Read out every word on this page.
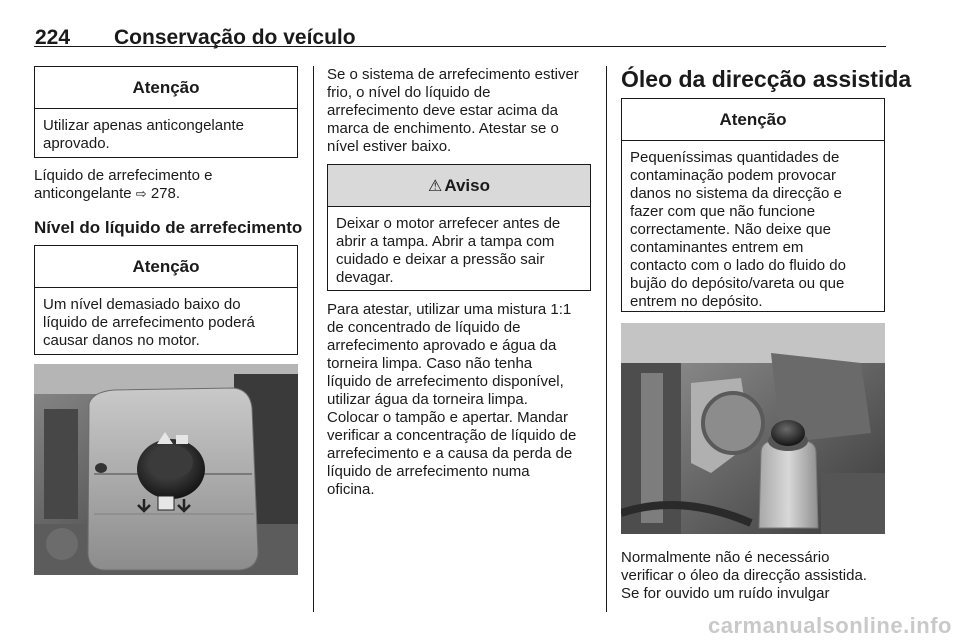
224 Conservação do veículo
Atenção
Utilizar apenas anticongelante
aprovado.
Líquido de arrefecimento e
anticongelante ⇨ 278.
Nível do líquido de arrefecimento
Atenção
Um nível demasiado baixo do
líquido de arrefecimento poderá
causar danos no motor.
Se o sistema de arrefecimento estiver
frio, o nível do líquido de
arrefecimento deve estar acima da
marca de enchimento. Atestar se o
nível estiver baixo.
⚠ Aviso
Deixar o motor arrefecer antes de
abrir a tampa. Abrir a tampa com
cuidado e deixar a pressão sair
devagar.
Para atestar, utilizar uma mistura 1:1
de concentrado de líquido de
arrefecimento aprovado e água da
torneira limpa. Caso não tenha
líquido de arrefecimento disponível,
utilizar água da torneira limpa.
Colocar o tampão e apertar. Mandar
verificar a concentração de líquido de
arrefecimento e a causa da perda de
líquido de arrefecimento numa
oficina.
Óleo da direcção assistida
Atenção
Pequeníssimas quantidades de
contaminação podem provocar
danos no sistema da direcção e
fazer com que não funcione
correctamente. Não deixe que
contaminantes entrem em
contacto com o lado do fluido do
bujão do depósito/vareta ou que
entrem no depósito.
Normalmente não é necessário
verificar o óleo da direcção assistida.
Se for ouvido um ruído invulgar
carmanualsonline.info
